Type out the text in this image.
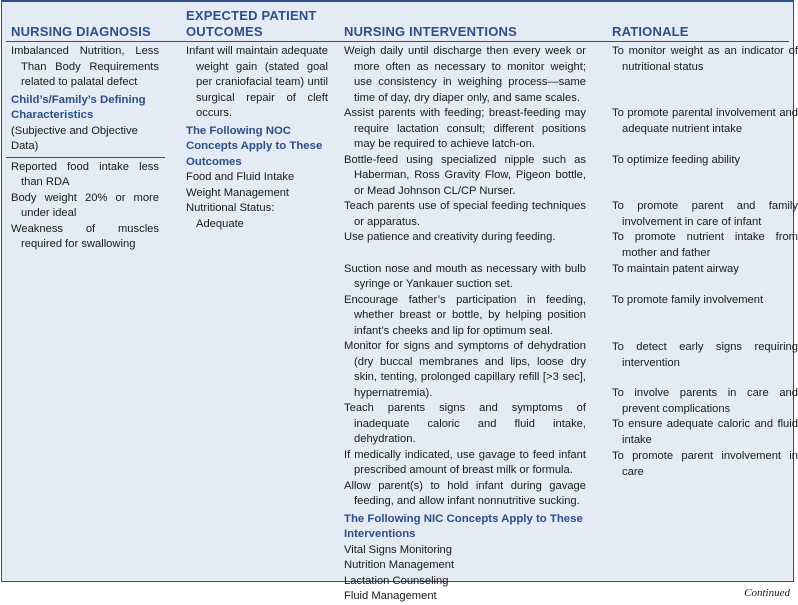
NURSING DIAGNOSIS
EXPECTED PATIENT
OUTCOMES	NURSING INTERVENTIONS	RATIONALE
Imbalanced Nutrition, Less Than Body Requirements related to palatal defect
Child’s/Family’s Defining Characteristics
(Subjective and Objective Data)
Reported food intake less than RDA
Body weight 20% or more under ideal
Weakness of muscles required for swallowing
Infant will maintain adequate weight gain (stated goal per craniofacial team) until surgical repair of cleft occurs.
The Following NOC Concepts Apply to These Outcomes
Food and Fluid Intake
Weight Management
Nutritional Status:
Adequate
Weigh daily until discharge then every week or more often as necessary to monitor weight; use consistency in weighing process—same time of day, dry diaper only, and same scales.
Assist parents with feeding; breast-feeding may require lactation consult; different positions may be required to achieve latch-on.
Bottle-feed using specialized nipple such as Haberman, Ross Gravity Flow, Pigeon bottle, or Mead Johnson CL/CP Nurser.
Teach parents use of special feeding techniques or apparatus.
Use patience and creativity during feeding.
Suction nose and mouth as necessary with bulb syringe or Yankauer suction set.
Encourage father’s participation in feeding, whether breast or bottle, by helping position infant’s cheeks and lip for optimum seal.
Monitor for signs and symptoms of dehydration (dry buccal membranes and lips, loose dry skin, tenting, prolonged capillary refill [>3 sec], hypernatremia).
Teach parents signs and symptoms of inadequate caloric and fluid intake, dehydration.
If medically indicated, use gavage to feed infant prescribed amount of breast milk or formula.
Allow parent(s) to hold infant during gavage feeding, and allow infant nonnutritive sucking.
The Following NIC Concepts Apply to These Interventions
Vital Signs Monitoring
Nutrition Management
Lactation Counseling
Fluid Management
To monitor weight as an indicator of nutritional status
To promote parental involvement and adequate nutrient intake
To optimize feeding ability
To promote parent and family involvement in care of infant
To promote nutrient intake from mother and father
To maintain patent airway
To promote family involvement
To detect early signs requiring intervention
To involve parents in care and prevent complications
To ensure adequate caloric and fluid intake
To promote parent involvement in care
Continued
